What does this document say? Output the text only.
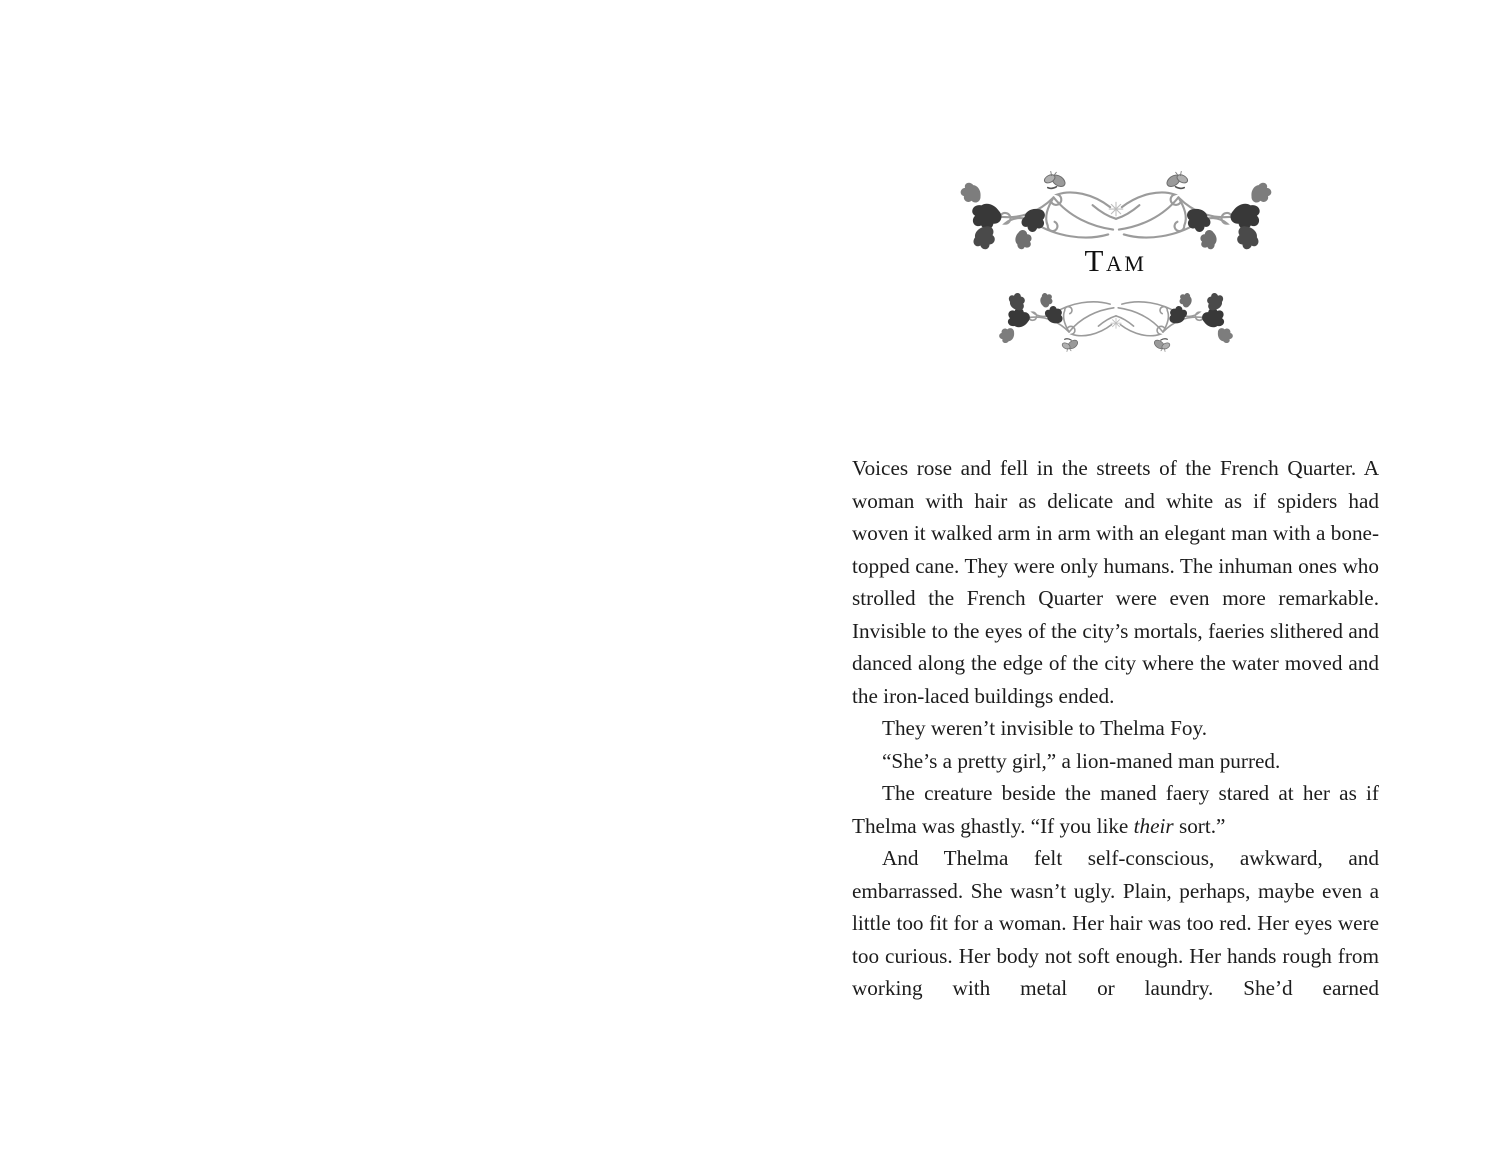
Tam

Voices rose and fell in the streets of the French Quarter. A woman with hair as delicate and white as if spiders had woven it walked arm in arm with an elegant man with a bone-topped cane. They were only humans. The inhuman ones who strolled the French Quarter were even more remarkable. Invisible to the eyes of the city’s mortals, faeries slithered and danced along the edge of the city where the water moved and the iron-laced buildings ended.

They weren’t invisible to Thelma Foy.

“She’s a pretty girl,” a lion-maned man purred.

The creature beside the maned faery stared at her as if Thelma was ghastly. “If you like their sort.”

And Thelma felt self-conscious, awkward, and embarrassed. She wasn’t ugly. Plain, perhaps, maybe even a little too fit for a woman. Her hair was too red. Her eyes were too curious. Her body not soft enough. Her hands rough from working with metal or laundry. She’d earned
